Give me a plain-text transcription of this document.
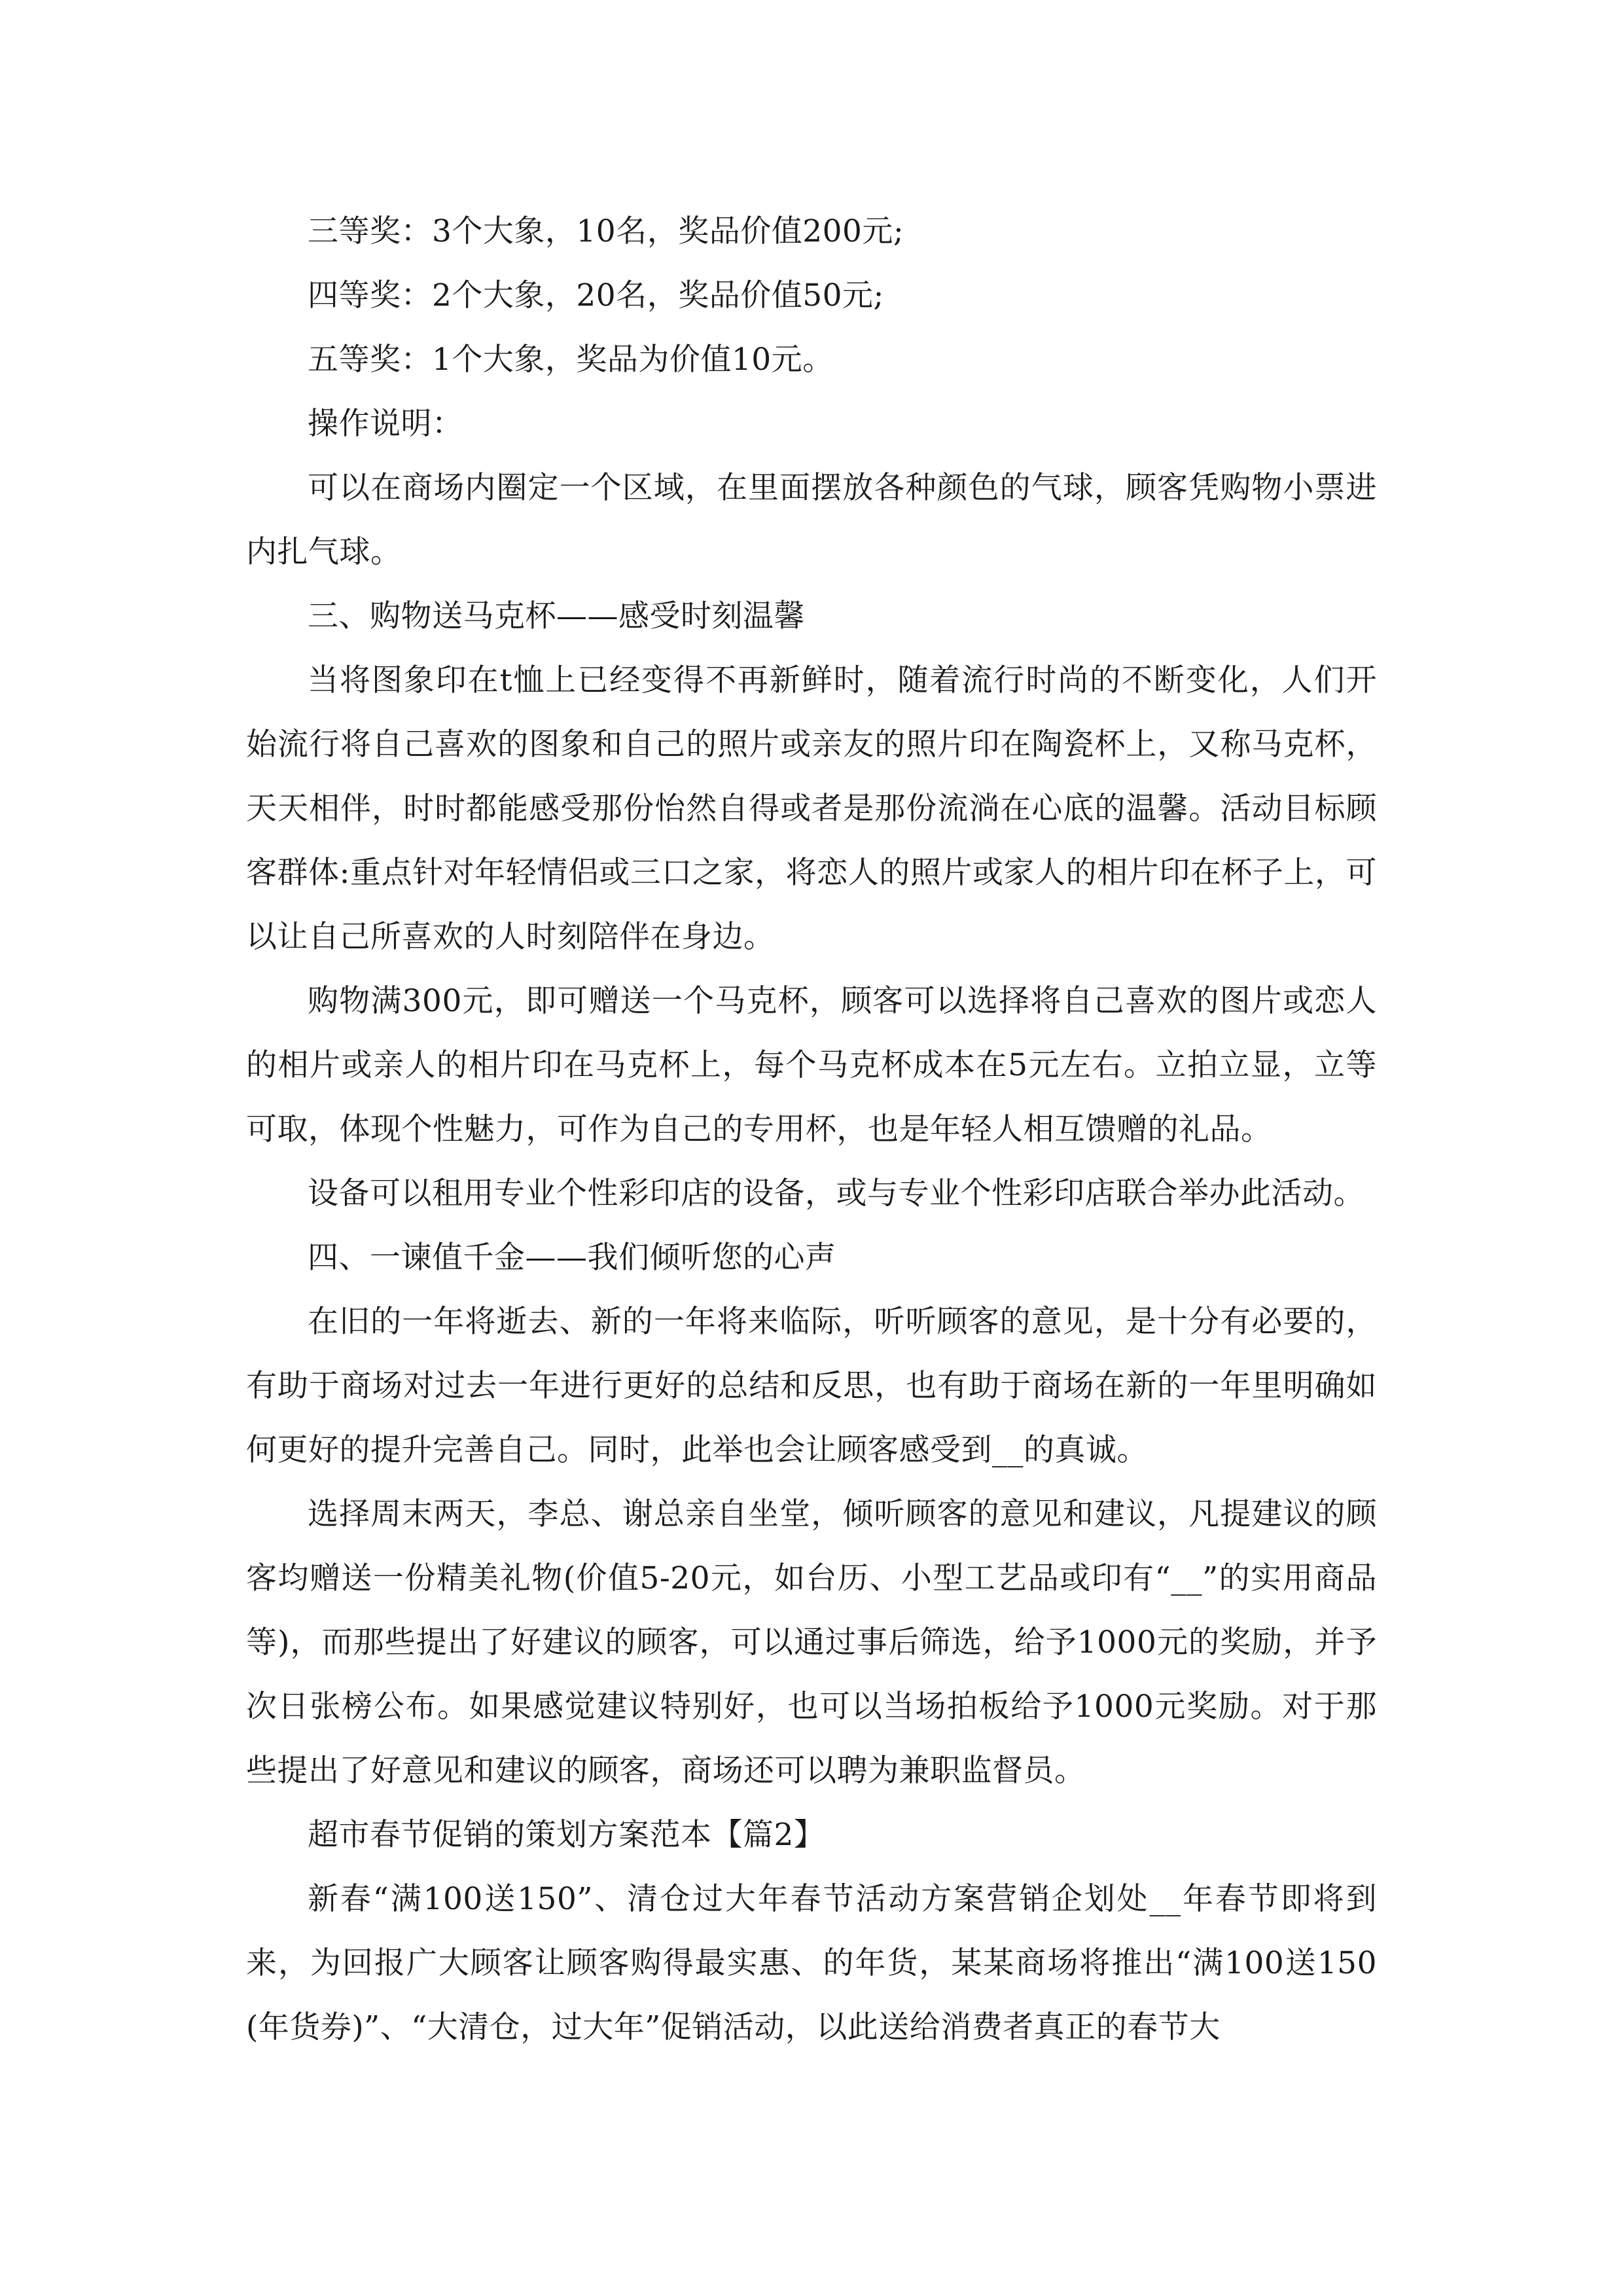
三等奖：3个大象，10名，奖品价值200元;

四等奖：2个大象，20名，奖品价值50元;

五等奖：1个大象，奖品为价值10元。

操作说明：

可以在商场内圈定一个区域，在里面摆放各种颜色的气球，顾客凭购物小票进内扎气球。

三、购物送马克杯——感受时刻温馨

当将图象印在t恤上已经变得不再新鲜时，随着流行时尚的不断变化，人们开始流行将自己喜欢的图象和自己的照片或亲友的照片印在陶瓷杯上，又称马克杯，天天相伴，时时都能感受那份怡然自得或者是那份流淌在心底的温馨。活动目标顾客群体:重点针对年轻情侣或三口之家，将恋人的照片或家人的相片印在杯子上，可以让自己所喜欢的人时刻陪伴在身边。

购物满300元，即可赠送一个马克杯，顾客可以选择将自己喜欢的图片或恋人的相片或亲人的相片印在马克杯上，每个马克杯成本在5元左右。立拍立显，立等可取，体现个性魅力，可作为自己的专用杯，也是年轻人相互馈赠的礼品。

设备可以租用专业个性彩印店的设备，或与专业个性彩印店联合举办此活动。

四、一谏值千金——我们倾听您的心声

在旧的一年将逝去、新的一年将来临际，听听顾客的意见，是十分有必要的，有助于商场对过去一年进行更好的总结和反思，也有助于商场在新的一年里明确如何更好的提升完善自己。同时，此举也会让顾客感受到__的真诚。

选择周末两天，李总、谢总亲自坐堂，倾听顾客的意见和建议，凡提建议的顾客均赠送一份精美礼物(价值5-20元，如台历、小型工艺品或印有“__”的实用商品等)，而那些提出了好建议的顾客，可以通过事后筛选，给予1000元的奖励，并予次日张榜公布。如果感觉建议特别好，也可以当场拍板给予1000元奖励。对于那些提出了好意见和建议的顾客，商场还可以聘为兼职监督员。

超市春节促销的策划方案范本【篇2】

新春“满100送150”、清仓过大年春节活动方案营销企划处__年春节即将到来，为回报广大顾客让顾客购得最实惠、的年货，某某商场将推出“满100送150(年货券)”、“大清仓，过大年”促销活动，以此送给消费者真正的春节大
